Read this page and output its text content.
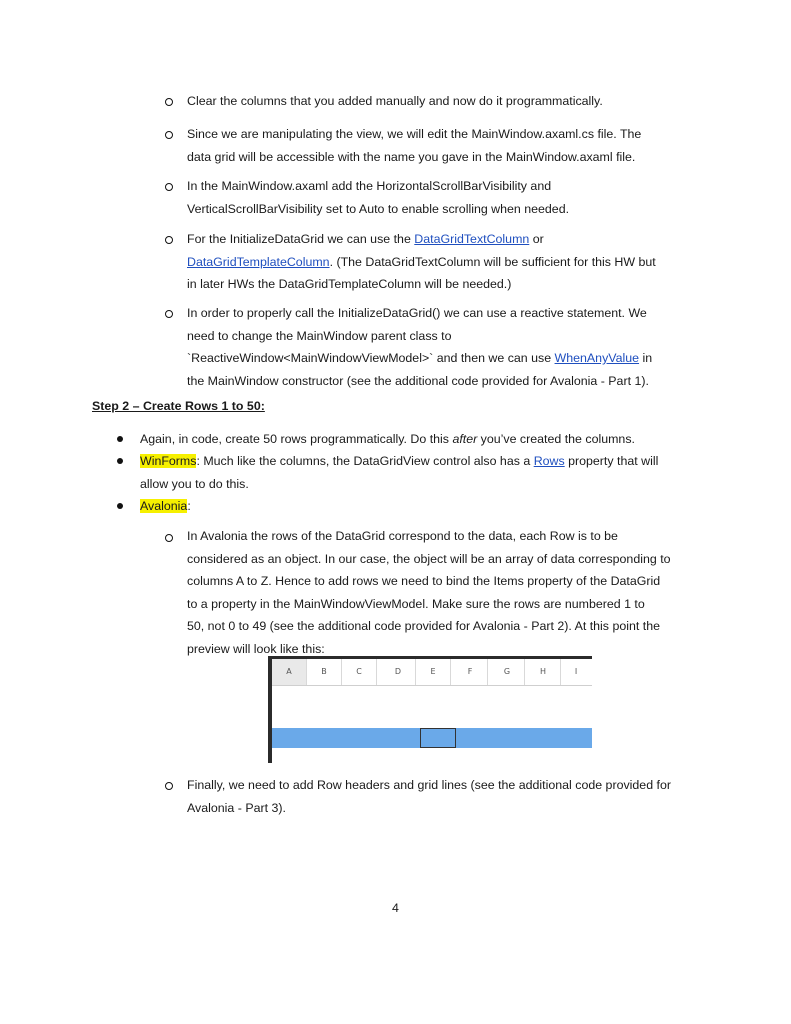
Clear the columns that you added manually and now do it programmatically.
Since we are manipulating the view, we will edit the MainWindow.axaml.cs file. The
data grid will be accessible with the name you gave in the MainWindow.axaml file.
In the MainWindow.axaml add the HorizontalScrollBarVisibility and
VerticalScrollBarVisibility set to Auto to enable scrolling when needed.
For the InitializeDataGrid we can use the DataGridTextColumn or
DataGridTemplateColumn. (The DataGridTextColumn will be sufficient for this HW but
in later HWs the DataGridTemplateColumn will be needed.)
In order to properly call the InitializeDataGrid() we can use a reactive statement. We
need to change the MainWindow parent class to
`ReactiveWindow<MainWindowViewModel>` and then we can use WhenAnyValue in
the MainWindow constructor (see the additional code provided for Avalonia - Part 1).
Step 2 – Create Rows 1 to 50:
Again, in code, create 50 rows programmatically. Do this after you’ve created the columns.
WinForms: Much like the columns, the DataGridView control also has a Rows property that will
allow you to do this.
Avalonia:
In Avalonia the rows of the DataGrid correspond to the data, each Row is to be
considered as an object. In our case, the object will be an array of data corresponding to
columns A to Z. Hence to add rows we need to bind the Items property of the DataGrid
to a property in the MainWindowViewModel. Make sure the rows are numbered 1 to
50, not 0 to 49 (see the additional code provided for Avalonia - Part 2). At this point the
preview will look like this:
A	B	C	D	E	F	G	H	I
Finally, we need to add Row headers and grid lines (see the additional code provided for
Avalonia - Part 3).
4
